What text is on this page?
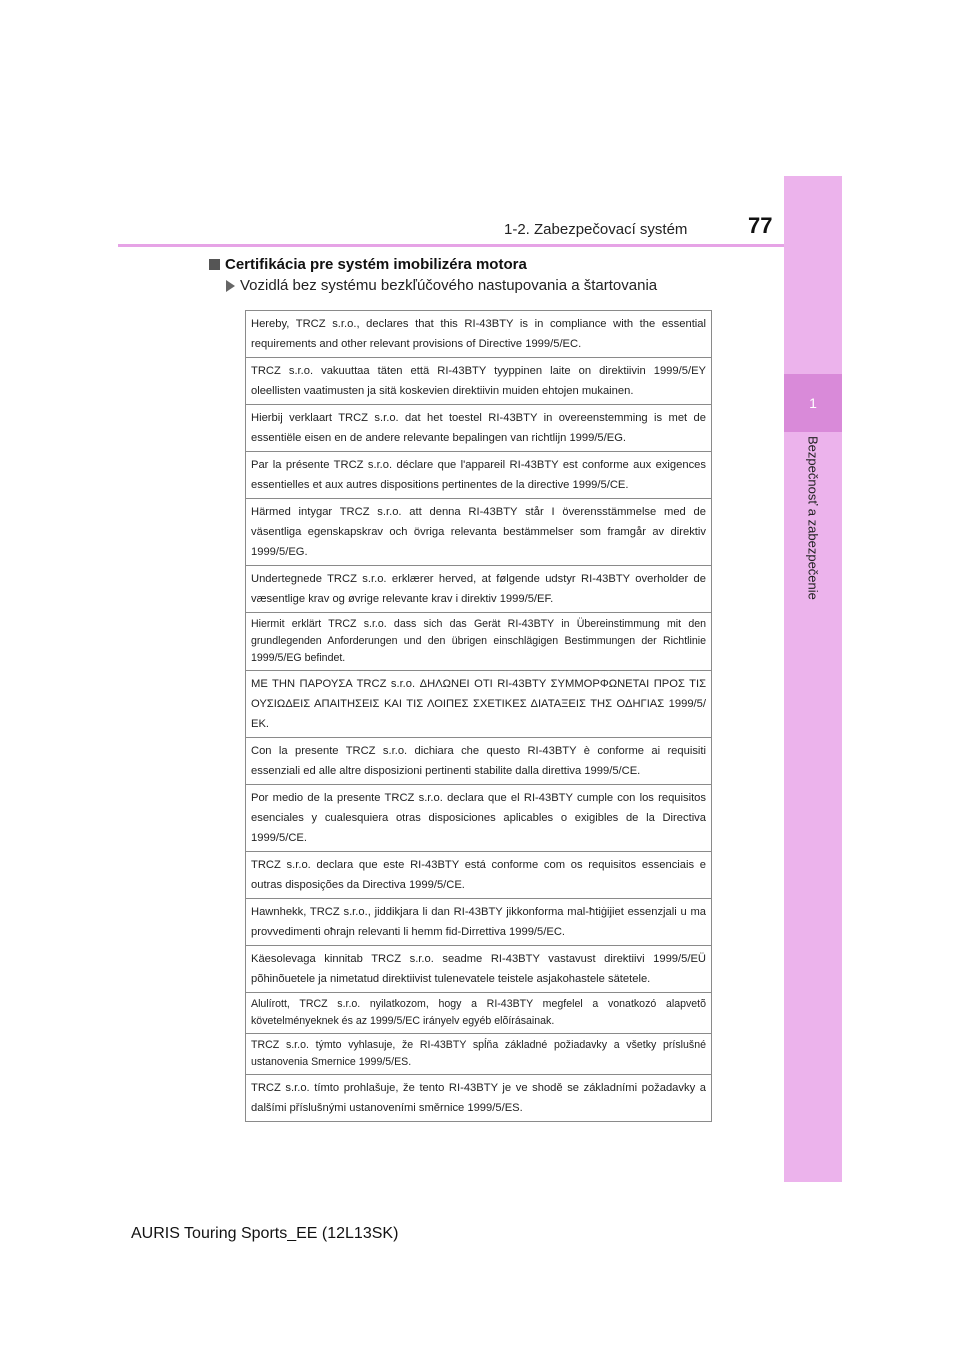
1-2. Zabezpečovací systém	77
1
Bezpečnosť a zabezpečenie
Certifikácia pre systém imobilizéra motora
Vozidlá bez systému bezkľúčového nastupovania a štartovania
Hereby, TRCZ s.r.o., declares that this RI-43BTY is in compliance with the essential requirements and other relevant provisions of Directive 1999/5/EC.
TRCZ s.r.o. vakuuttaa täten että RI-43BTY tyyppinen laite on direktiivin 1999/5/EY oleellisten vaatimusten ja sitä koskevien direktiivin muiden ehtojen mukainen.
Hierbij verklaart TRCZ s.r.o. dat het toestel RI-43BTY in overeenstemming is met de essentiële eisen en de andere relevante bepalingen van richtlijn 1999/5/EG.
Par la présente TRCZ s.r.o. déclare que l'appareil RI-43BTY est conforme aux exigences essentielles et aux autres dispositions pertinentes de la directive 1999/5/CE.
Härmed intygar TRCZ s.r.o. att denna RI-43BTY står I överensstämmelse med de väsentliga egenskapskrav och övriga relevanta bestämmelser som framgår av direktiv 1999/5/EG.
Undertegnede TRCZ s.r.o. erklærer herved, at følgende udstyr RI-43BTY overholder de væsentlige krav og øvrige relevante krav i direktiv 1999/5/EF.
Hiermit erklärt TRCZ s.r.o. dass sich das Gerät RI-43BTY in Übereinstimmung mit den grundlegenden Anforderungen und den übrigen einschlägigen Bestimmungen der Richtlinie 1999/5/EG befindet.
ΜΕ ΤΗΝ ΠΑΡΟΥΣΑ TRCZ s.r.o. ΔΗΛΩΝΕΙ ΟΤΙ RI-43BTY ΣΥΜΜΟΡΦΩΝΕΤΑΙ ΠΡΟΣ ΤΙΣ ΟΥΣΙΩΔΕΙΣ ΑΠΑΙΤΗΣΕΙΣ ΚΑΙ ΤΙΣ ΛΟΙΠΕΣ ΣΧΕΤΙΚΕΣ ΔΙΑΤΑΞΕΙΣ ΤΗΣ ΟΔΗΓΙΑΣ 1999/5/ΕΚ.
Con la presente TRCZ s.r.o. dichiara che questo RI-43BTY è conforme ai requisiti essenziali ed alle altre disposizioni pertinenti stabilite dalla direttiva 1999/5/CE.
Por medio de la presente TRCZ s.r.o. declara que el RI-43BTY cumple con los requisitos esenciales y cualesquiera otras disposiciones aplicables o exigibles de la Directiva 1999/5/CE.
TRCZ s.r.o. declara que este RI-43BTY está conforme com os requisitos essenciais e outras disposições da Directiva 1999/5/CE.
Hawnhekk, TRCZ s.r.o., jiddikjara li dan RI-43BTY jikkonforma mal-ħtiġijiet essenzjali u ma provvedimenti oħrajn relevanti li hemm fid-Dirrettiva 1999/5/EC.
Käesolevaga kinnitab TRCZ s.r.o. seadme RI-43BTY vastavust direktiivi 1999/5/EÜ põhinõuetele ja nimetatud direktiivist tulenevatele teistele asjakohastele sätetele.
Alulírott, TRCZ s.r.o. nyilatkozom, hogy a RI-43BTY megfelel a vonatkozó alapvetõ követelményeknek és az 1999/5/EC irányelv egyéb elõírásainak.
TRCZ s.r.o. týmto vyhlasuje, že RI-43BTY spĺňa základné požiadavky a všetky príslušné ustanovenia Smernice 1999/5/ES.
TRCZ s.r.o. tímto prohlašuje, že tento RI-43BTY je ve shodě se základními požadavky a dalšími příslušnými ustanoveními směrnice 1999/5/ES.
AURIS Touring Sports_EE (12L13SK)
